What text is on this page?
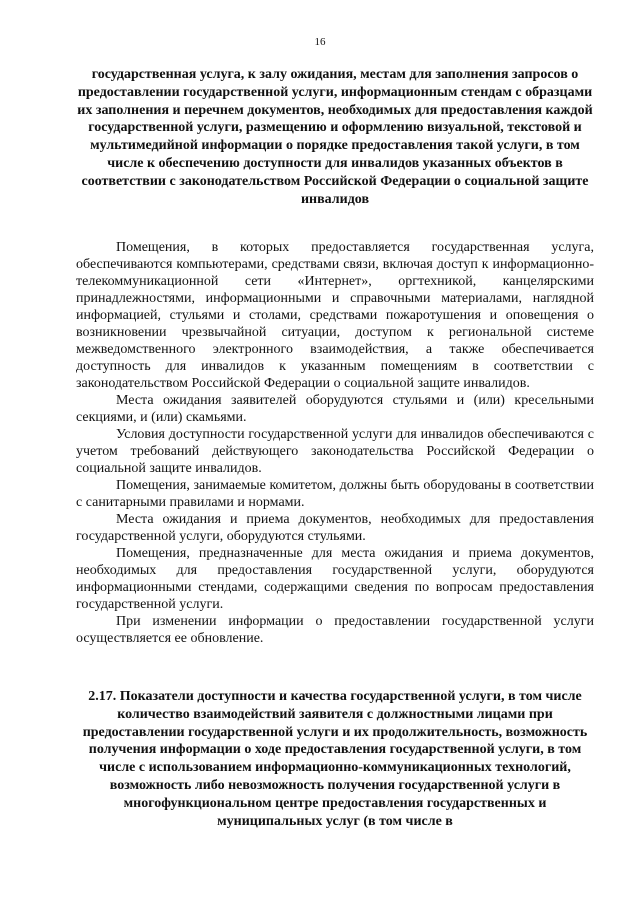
16
государственная услуга, к залу ожидания, местам для заполнения запросов о предоставлении государственной услуги, информационным стендам с образцами их заполнения и перечнем документов, необходимых для предоставления каждой государственной услуги, размещению и оформлению визуальной, текстовой и мультимедийной информации о порядке предоставления такой услуги, в том числе к обеспечению доступности для инвалидов указанных объектов в соответствии с законодательством Российской Федерации о социальной защите инвалидов

Помещения, в которых предоставляется государственная услуга, обеспечиваются компьютерами, средствами связи, включая доступ к информационно-телекоммуникационной сети «Интернет», оргтехникой, канцелярскими принадлежностями, информационными и справочными материалами, наглядной информацией, стульями и столами, средствами пожаротушения и оповещения о возникновении чрезвычайной ситуации, доступом к региональной системе межведомственного электронного взаимодействия, а также обеспечивается доступность для инвалидов к указанным помещениям в соответствии с законодательством Российской Федерации о социальной защите инвалидов.

Места ожидания заявителей оборудуются стульями и (или) кресельными секциями, и (или) скамьями.

Условия доступности государственной услуги для инвалидов обеспечиваются с учетом требований действующего законодательства Российской Федерации о социальной защите инвалидов.

Помещения, занимаемые комитетом, должны быть оборудованы в соответствии с санитарными правилами и нормами.

Места ожидания и приема документов, необходимых для предоставления государственной услуги, оборудуются стульями.

Помещения, предназначенные для места ожидания и приема документов, необходимых для предоставления государственной услуги, оборудуются информационными стендами, содержащими сведения по вопросам предоставления государственной услуги.

При изменении информации о предоставлении государственной услуги осуществляется ее обновление.

2.17. Показатели доступности и качества государственной услуги, в том числе количество взаимодействий заявителя с должностными лицами при предоставлении государственной услуги и их продолжительность, возможность получения информации о ходе предоставления государственной услуги, в том числе с использованием информационно-коммуникационных технологий, возможность либо невозможность получения государственной услуги в многофункциональном центре предоставления государственных и муниципальных услуг (в том числе в
